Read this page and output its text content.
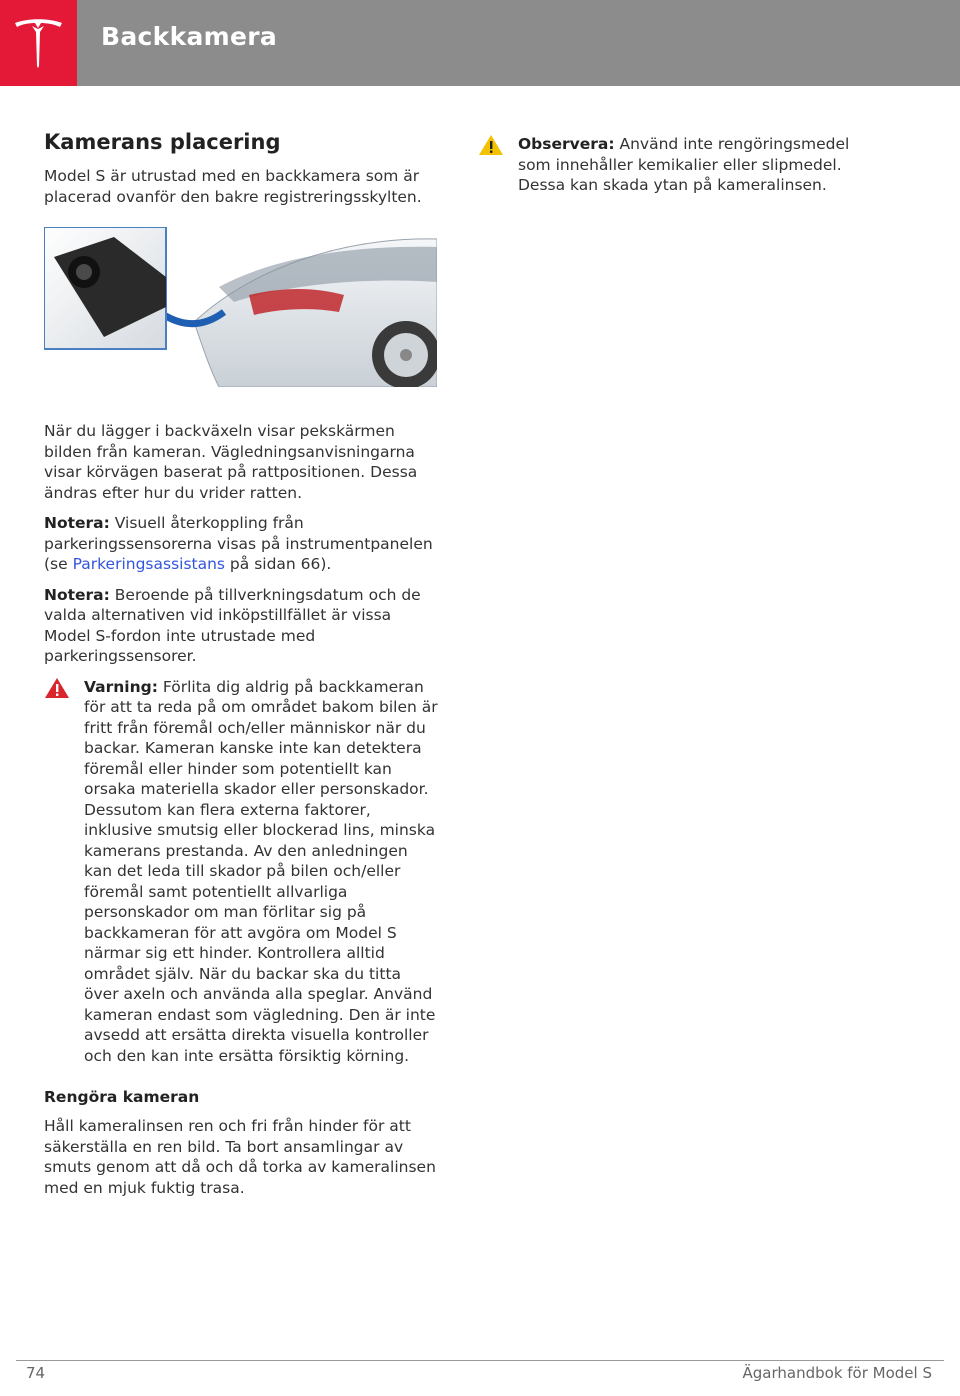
Backkamera
Kamerans placering

Model S är utrustad med en backkamera som är placerad ovanför den bakre registreringsskylten.

När du lägger i backväxeln visar pekskärmen bilden från kameran. Vägledningsanvisningarna visar körvägen baserat på rattpositionen. Dessa ändras efter hur du vrider ratten.

Notera: Visuell återkoppling från parkeringssensorerna visas på instrumentpanelen (se Parkeringsassistans på sidan 66).

Notera: Beroende på tillverkningsdatum och de valda alternativen vid inköpstillfället är vissa Model S-fordon inte utrustade med parkeringssensorer.

Varning: Förlita dig aldrig på backkameran för att ta reda på om området bakom bilen är fritt från föremål och/eller människor när du backar. Kameran kanske inte kan detektera föremål eller hinder som potentiellt kan orsaka materiella skador eller personskador. Dessutom kan flera externa faktorer, inklusive smutsig eller blockerad lins, minska kamerans prestanda. Av den anledningen kan det leda till skador på bilen och/eller föremål samt potentiellt allvarliga personskador om man förlitar sig på backkameran för att avgöra om Model S närmar sig ett hinder. Kontrollera alltid området själv. När du backar ska du titta över axeln och använda alla speglar. Använd kameran endast som vägledning. Den är inte avsedd att ersätta direkta visuella kontroller och den kan inte ersätta försiktig körning.

Rengöra kameran

Håll kameralinsen ren och fri från hinder för att säkerställa en ren bild. Ta bort ansamlingar av smuts genom att då och då torka av kameralinsen med en mjuk fuktig trasa.

Observera: Använd inte rengöringsmedel som innehåller kemikalier eller slipmedel. Dessa kan skada ytan på kameralinsen.

74	Ägarhandbok för Model S
